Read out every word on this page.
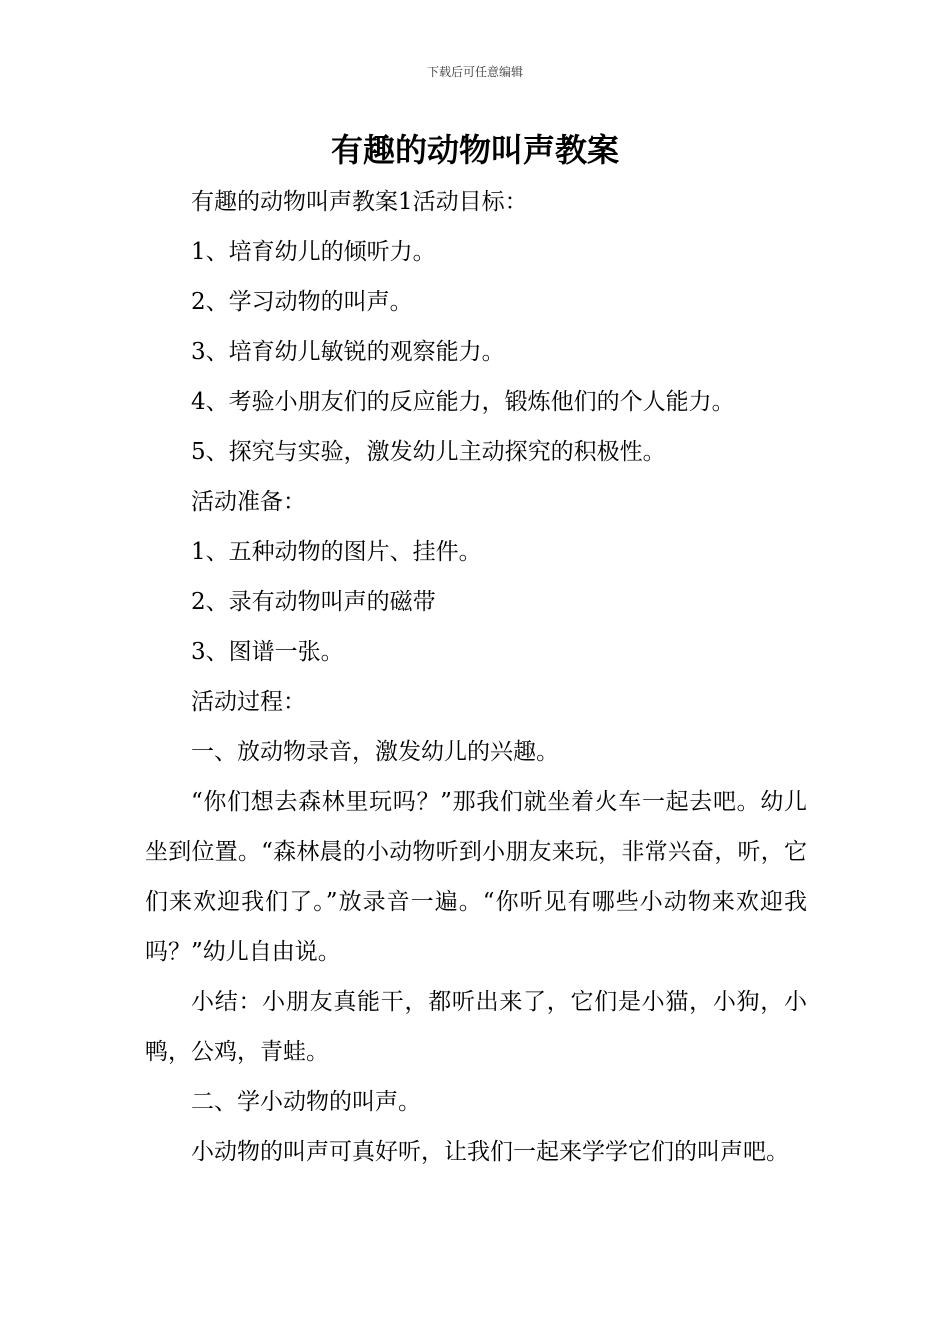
下载后可任意编辑
有趣的动物叫声教案

有趣的动物叫声教案1活动目标：

1、培育幼儿的倾听力。

2、学习动物的叫声。

3、培育幼儿敏锐的观察能力。

4、考验小朋友们的反应能力，锻炼他们的个人能力。

5、探究与实验，激发幼儿主动探究的积极性。

活动准备：

1、五种动物的图片、挂件。

2、录有动物叫声的磁带

3、图谱一张。

活动过程：

一、放动物录音，激发幼儿的兴趣。

“你们想去森林里玩吗？”那我们就坐着火车一起去吧。幼儿坐到位置。“森林晨的小动物听到小朋友来玩，非常兴奋，听，它们来欢迎我们了。”放录音一遍。“你听见有哪些小动物来欢迎我吗？”幼儿自由说。

小结：小朋友真能干，都听出来了，它们是小猫，小狗，小鸭，公鸡，青蛙。

二、学小动物的叫声。

小动物的叫声可真好听，让我们一起来学学它们的叫声吧。
